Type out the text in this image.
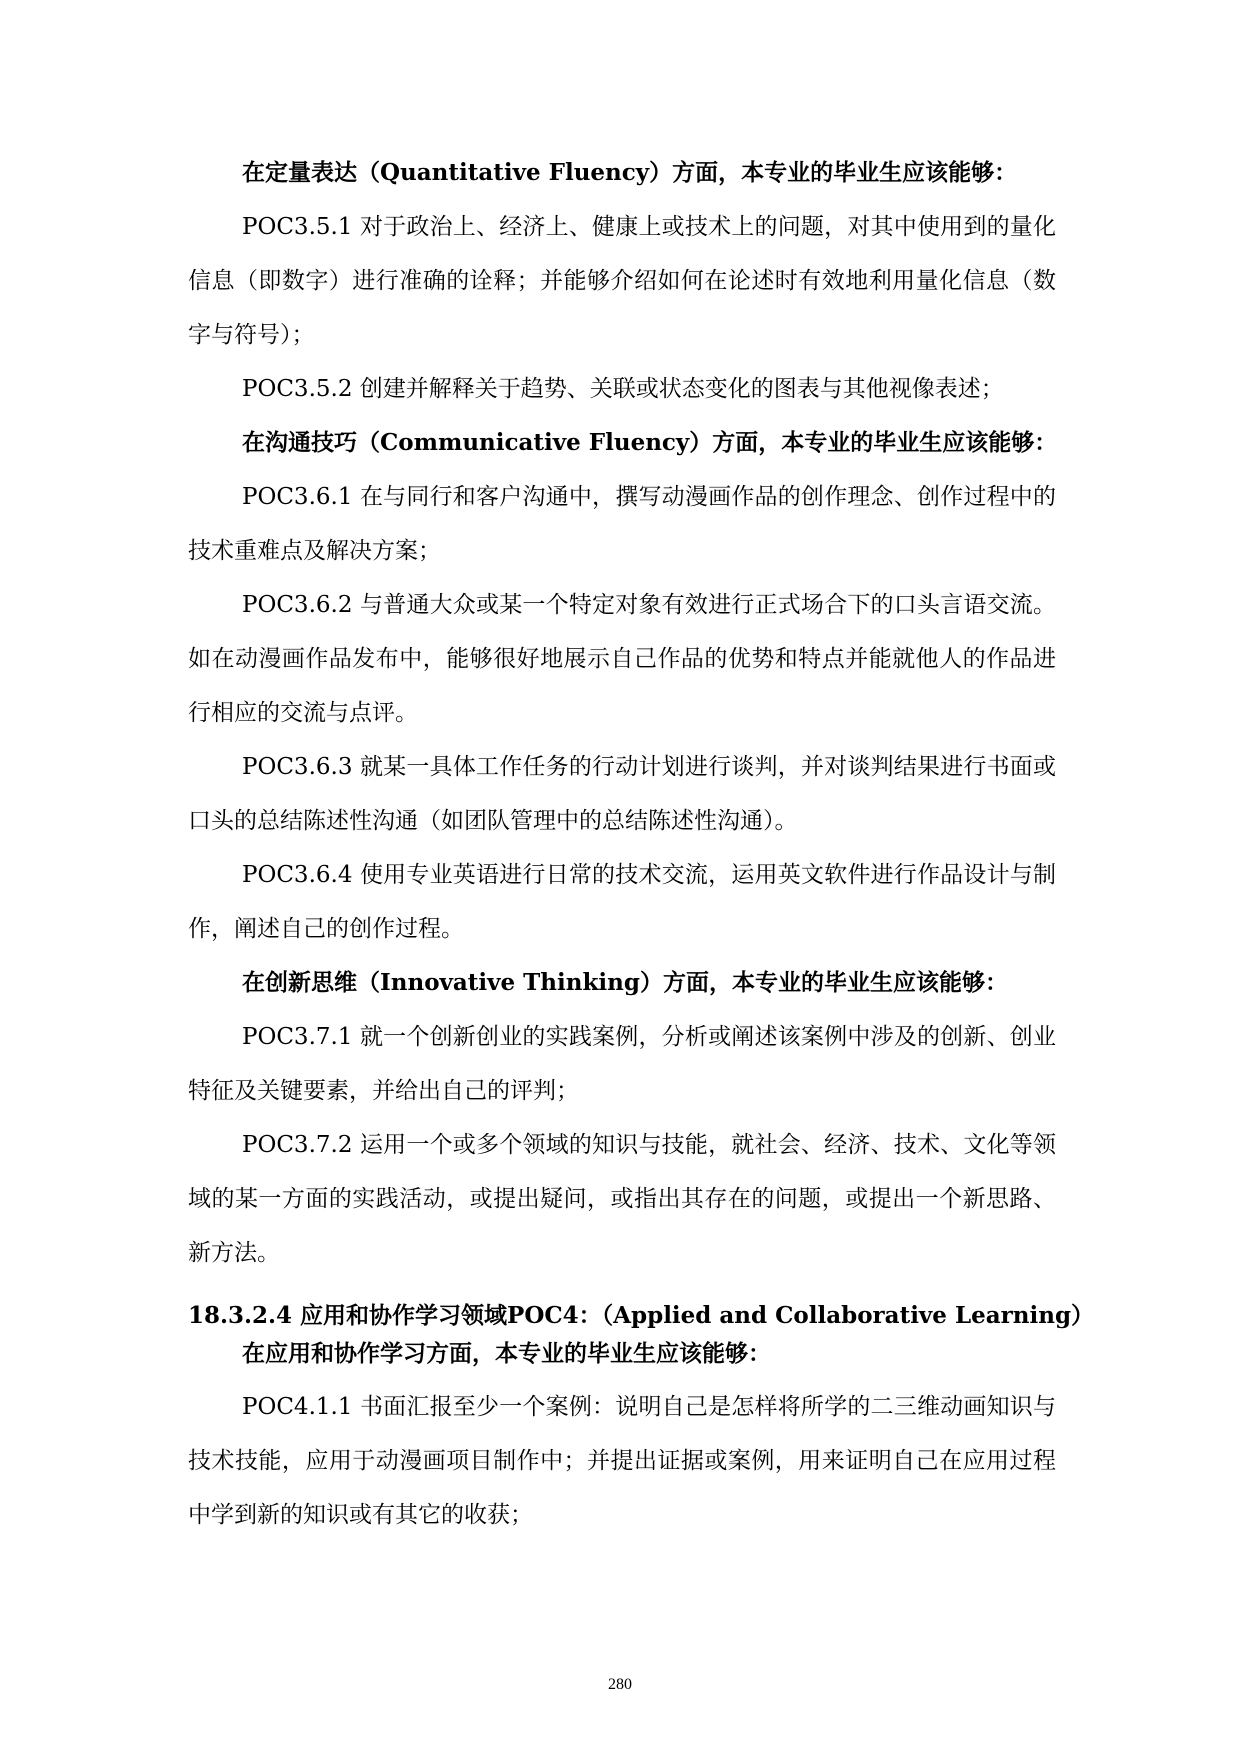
在定量表达（Quantitative Fluency）方面，本专业的毕业生应该能够：

POC3.5.1 对于政治上、经济上、健康上或技术上的问题，对其中使用到的量化信息（即数字）进行准确的诠释；并能够介绍如何在论述时有效地利用量化信息（数字与符号）；

POC3.5.2 创建并解释关于趋势、关联或状态变化的图表与其他视像表述；

在沟通技巧（Communicative Fluency）方面，本专业的毕业生应该能够：

POC3.6.1 在与同行和客户沟通中，撰写动漫画作品的创作理念、创作过程中的技术重难点及解决方案；

POC3.6.2 与普通大众或某一个特定对象有效进行正式场合下的口头言语交流。如在动漫画作品发布中，能够很好地展示自己作品的优势和特点并能就他人的作品进行相应的交流与点评。

POC3.6.3 就某一具体工作任务的行动计划进行谈判，并对谈判结果进行书面或口头的总结陈述性沟通（如团队管理中的总结陈述性沟通）。

POC3.6.4 使用专业英语进行日常的技术交流，运用英文软件进行作品设计与制作，阐述自己的创作过程。

在创新思维（Innovative Thinking）方面，本专业的毕业生应该能够：

POC3.7.1 就一个创新创业的实践案例，分析或阐述该案例中涉及的创新、创业特征及关键要素，并给出自己的评判；

POC3.7.2 运用一个或多个领域的知识与技能，就社会、经济、技术、文化等领域的某一方面的实践活动，或提出疑问，或指出其存在的问题，或提出一个新思路、新方法。

18.3.2.4 应用和协作学习领域POC4：（Applied and Collaborative Learning）

在应用和协作学习方面，本专业的毕业生应该能够：

POC4.1.1 书面汇报至少一个案例：说明自己是怎样将所学的二三维动画知识与技术技能，应用于动漫画项目制作中；并提出证据或案例，用来证明自己在应用过程中学到新的知识或有其它的收获；

280
